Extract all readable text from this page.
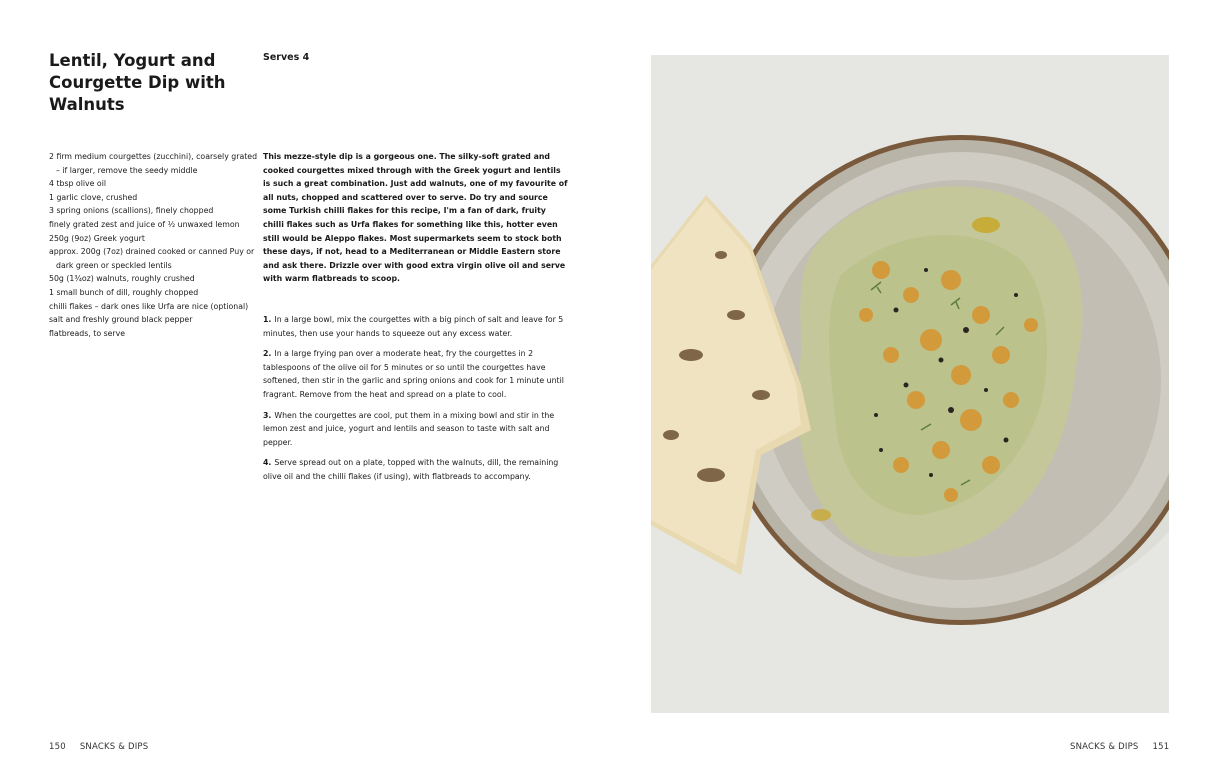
Lentil, Yogurt and Courgette Dip with Walnuts

Serves 4

2 firm medium courgettes (zucchini), coarsely grated – if larger, remove the seedy middle
4 tbsp olive oil
1 garlic clove, crushed
3 spring onions (scallions), finely chopped
finely grated zest and juice of ½ unwaxed lemon
250g (9oz) Greek yogurt
approx. 200g (7oz) drained cooked or canned Puy or dark green or speckled lentils
50g (1¾oz) walnuts, roughly crushed
1 small bunch of dill, roughly chopped
chilli flakes – dark ones like Urfa are nice (optional)
salt and freshly ground black pepper
flatbreads, to serve

This mezze-style dip is a gorgeous one. The silky-soft grated and cooked courgettes mixed through with the Greek yogurt and lentils is such a great combination. Just add walnuts, one of my favourite of all nuts, chopped and scattered over to serve. Do try and source some Turkish chilli flakes for this recipe, I'm a fan of dark, fruity chilli flakes such as Urfa flakes for something like this, hotter even still would be Aleppo flakes. Most supermarkets seem to stock both these days, if not, head to a Mediterranean or Middle Eastern store and ask there. Drizzle over with good extra virgin olive oil and serve with warm flatbreads to scoop.

1. In a large bowl, mix the courgettes with a big pinch of salt and leave for 5 minutes, then use your hands to squeeze out any excess water.
2. In a large frying pan over a moderate heat, fry the courgettes in 2 tablespoons of the olive oil for 5 minutes or so until the courgettes have softened, then stir in the garlic and spring onions and cook for 1 minute until fragrant. Remove from the heat and spread on a plate to cool.
3. When the courgettes are cool, put them in a mixing bowl and stir in the lemon zest and juice, yogurt and lentils and season to taste with salt and pepper.
4. Serve spread out on a plate, topped with the walnuts, dill, the remaining olive oil and the chilli flakes (if using), with flatbreads to accompany.
150 SNACKS & DIPS	SNACKS & DIPS 151
